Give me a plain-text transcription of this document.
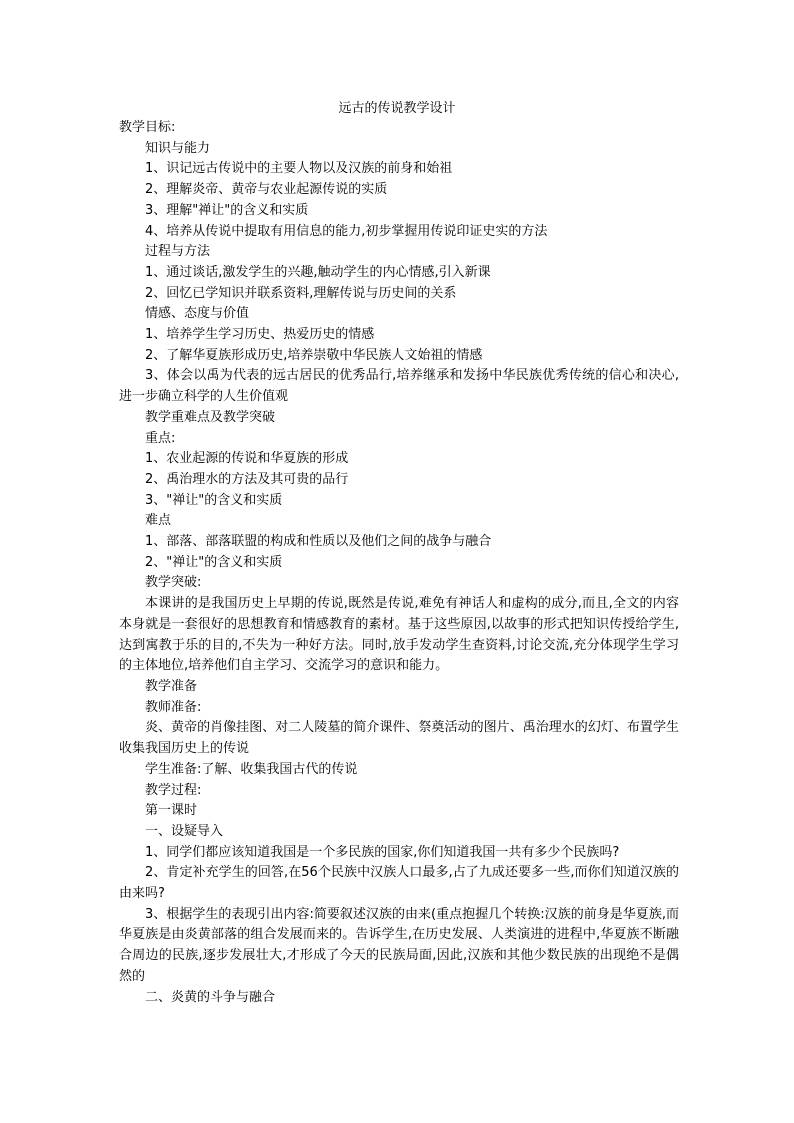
远古的传说教学设计

教学目标:

知识与能力

1、识记远古传说中的主要人物以及汉族的前身和始祖

2、理解炎帝、黄帝与农业起源传说的实质

3、理解"禅让"的含义和实质

4、培养从传说中提取有用信息的能力,初步掌握用传说印证史实的方法

过程与方法

1、通过谈话,激发学生的兴趣,触动学生的内心情感,引入新课

2、回忆已学知识并联系资料,理解传说与历史间的关系

情感、态度与价值

1、培养学生学习历史、热爱历史的情感

2、了解华夏族形成历史,培养崇敬中华民族人文始祖的情感

3、体会以禹为代表的远古居民的优秀品行,培养继承和发扬中华民族优秀传统的信心和决心,进一步确立科学的人生价值观

教学重难点及教学突破

重点:

1、农业起源的传说和华夏族的形成

2、禹治理水的方法及其可贵的品行

3、"禅让"的含义和实质

难点

1、部落、部落联盟的构成和性质以及他们之间的战争与融合

2、"禅让"的含义和实质

教学突破:

本课讲的是我国历史上早期的传说,既然是传说,难免有神话人和虚构的成分,而且,全文的内容本身就是一套很好的思想教育和情感教育的素材。基于这些原因,以故事的形式把知识传授给学生,达到寓教于乐的目的,不失为一种好方法。同时,放手发动学生查资料,讨论交流,充分体现学生学习的主体地位,培养他们自主学习、交流学习的意识和能力。

教学准备

教师准备:

炎、黄帝的肖像挂图、对二人陵墓的简介课件、祭奠活动的图片、禹治理水的幻灯、布置学生收集我国历史上的传说

学生准备:了解、收集我国古代的传说

教学过程:

第一课时

一、设疑导入

1、同学们都应该知道我国是一个多民族的国家,你们知道我国一共有多少个民族吗?

2、肯定补充学生的回答,在56个民族中汉族人口最多,占了九成还要多一些,而你们知道汉族的由来吗?

3、根据学生的表现引出内容:简要叙述汉族的由来(重点抱握几个转换:汉族的前身是华夏族,而华夏族是由炎黄部落的组合发展而来的。告诉学生,在历史发展、人类演进的进程中,华夏族不断融合周边的民族,逐步发展壮大,才形成了今天的民族局面,因此,汉族和其他少数民族的出现绝不是偶然的

二、炎黄的斗争与融合
